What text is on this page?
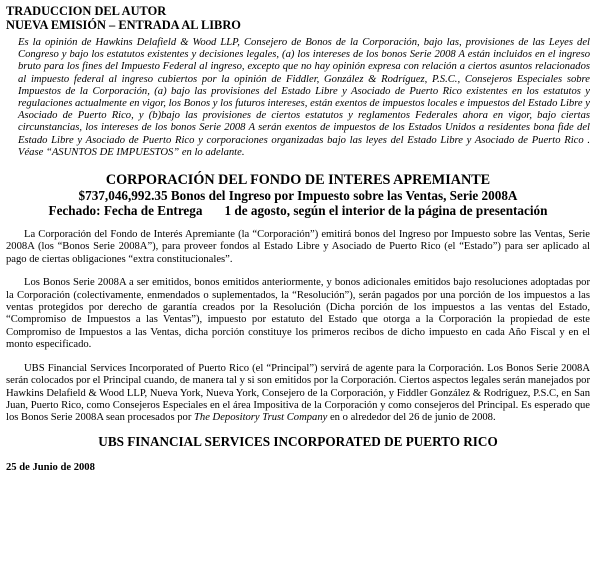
TRADUCCION DEL AUTOR
NUEVA EMISIÓN – ENTRADA AL LIBRO

Es la opinión de Hawkins Delafield & Wood LLP, Consejero de Bonos de la Corporación, bajo las, provisiones de las Leyes del Congreso y bajo los estatutos existentes y decisiones legales, (a) los intereses de los bonos Serie 2008 A están incluidos en el ingreso bruto para los fines del Impuesto Federal al ingreso, excepto que no hay opinión expresa con relación a ciertos asuntos relacionados al impuesto federal al ingreso cubiertos por la opinión de Fiddler, González & Rodríguez, P.S.C., Consejeros Especiales sobre Impuestos de la Corporación, (a) bajo las provisiones del Estado Libre y Asociado de Puerto Rico existentes en los estatutos y regulaciones actualmente en vigor, los Bonos y los futuros intereses, están exentos de impuestos locales e impuestos del Estado Libre y Asociado de Puerto Rico, y (b)bajo las provisiones de ciertos estatutos y reglamentos Federales ahora en vigor, bajo ciertas circunstancias, los intereses de los bonos Serie 2008 A serán exentos de impuestos de los Estados Unidos a residentes bona fide del Estado Libre y Asociado de Puerto Rico y corporaciones organizadas bajo las leyes del Estado Libre y Asociado de Puerto Rico . Véase “ASUNTOS DE IMPUESTOS” en lo adelante.

CORPORACIÓN DEL FONDO DE INTERES APREMIANTE
$737,046,992.35 Bonos del Ingreso por Impuesto sobre las Ventas, Serie 2008A
Fechado: Fecha de Entrega 1 de agosto, según el interior de la página de presentación

La Corporación del Fondo de Interés Apremiante (la “Corporación”) emitirá bonos del Ingreso por Impuesto sobre las Ventas, Serie 2008A (los “Bonos Serie 2008A”), para proveer fondos al Estado Libre y Asociado de Puerto Rico (el “Estado”) para ser aplicado al pago de ciertas obligaciones “extra constitucionales”.

Los Bonos Serie 2008A a ser emitidos, bonos emitidos anteriormente, y bonos adicionales emitidos bajo resoluciones adoptadas por la Corporación (colectivamente, enmendados o suplementados, la “Resolución”), serán pagados por una porción de los impuestos a las ventas protegidos por derecho de garantía creados por la Resolución (Dicha porción de los impuestos a las ventas del Estado, “Compromiso de Impuestos a las Ventas”), impuesto por estatuto del Estado que otorga a la Corporación la propiedad de este Compromiso de Impuestos a las Ventas, dicha porción constituye los primeros recibos de dicho impuesto en cada Año Fiscal y en el monto especificado.

UBS Financial Services Incorporated of Puerto Rico (el “Principal”) servirá de agente para la Corporación. Los Bonos Serie 2008A serán colocados por el Principal cuando, de manera tal y si son emitidos por la Corporación. Ciertos aspectos legales serán manejados por Hawkins Delafield & Wood LLP, Nueva York, Nueva York, Consejero de la Corporación, y Fiddler González & Rodríguez, P.S.C, en San Juan, Puerto Rico, como Consejeros Especiales en el área Impositiva de la Corporación y como consejeros del Principal. Es esperado que los Bonos Serie 2008A sean procesados por The Depository Trust Company en o alrededor del 26 de junio de 2008.

UBS FINANCIAL SERVICES INCORPORATED DE PUERTO RICO
25 de Junio de 2008
